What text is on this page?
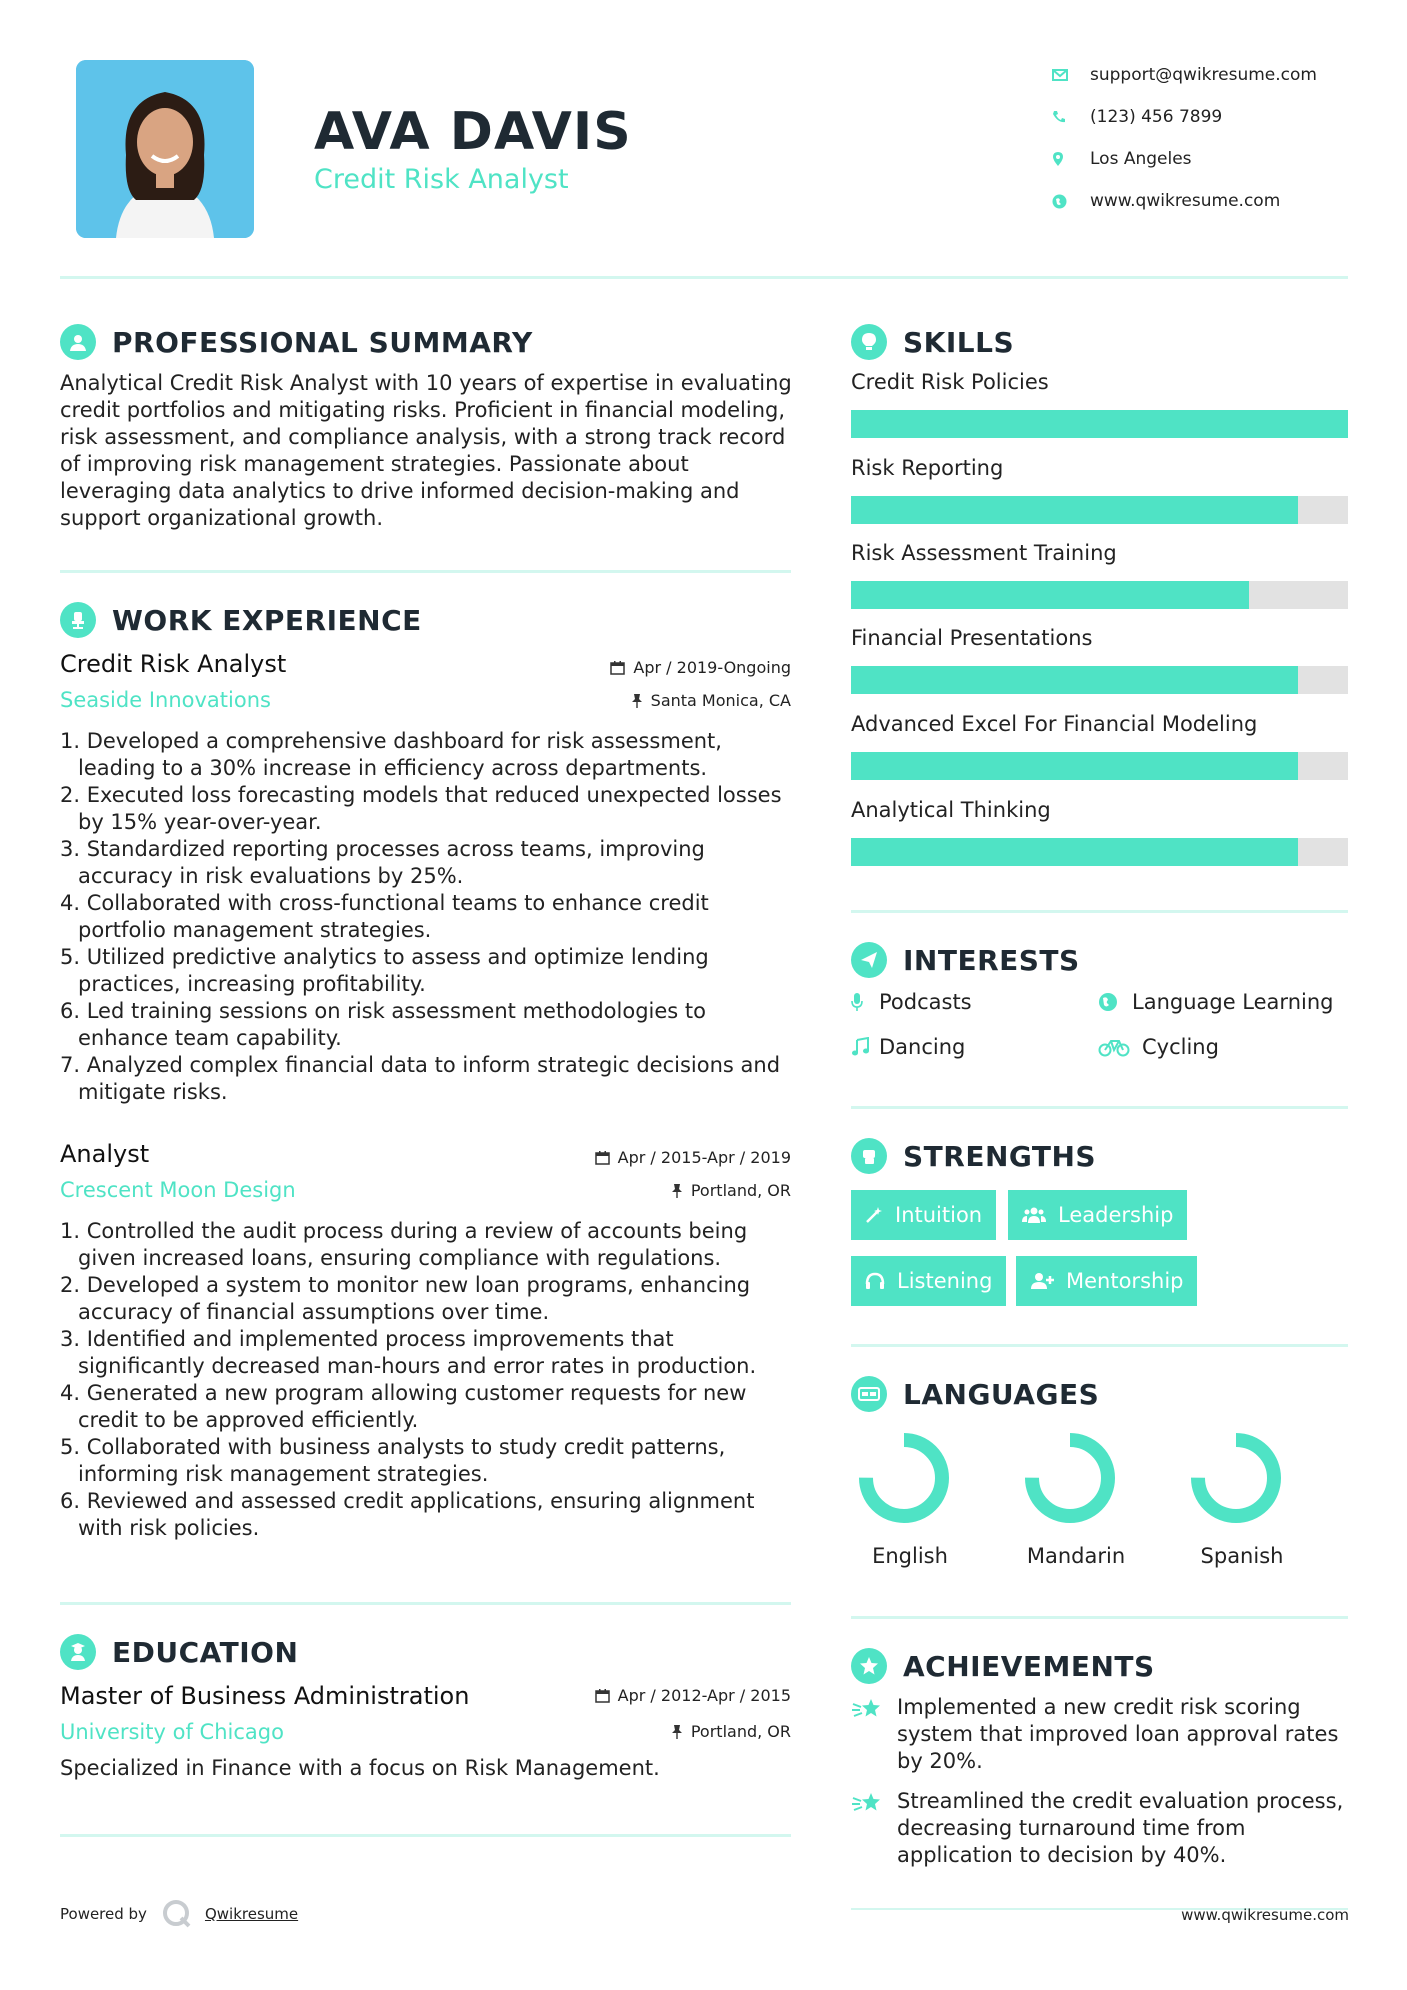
AVA DAVIS
Credit Risk Analyst
support@qwikresume.com
(123) 456 7899
Los Angeles
www.qwikresume.com
PROFESSIONAL SUMMARY
Analytical Credit Risk Analyst with 10 years of expertise in evaluating credit portfolios and mitigating risks. Proficient in financial modeling, risk assessment, and compliance analysis, with a strong track record of improving risk management strategies. Passionate about leveraging data analytics to drive informed decision-making and support organizational growth.
WORK EXPERIENCE
Credit Risk Analyst	Apr / 2019-Ongoing
Seaside Innovations	Santa Monica, CA
1. Developed a comprehensive dashboard for risk assessment, leading to a 30% increase in efficiency across departments.
2. Executed loss forecasting models that reduced unexpected losses by 15% year-over-year.
3. Standardized reporting processes across teams, improving accuracy in risk evaluations by 25%.
4. Collaborated with cross-functional teams to enhance credit portfolio management strategies.
5. Utilized predictive analytics to assess and optimize lending practices, increasing profitability.
6. Led training sessions on risk assessment methodologies to enhance team capability.
7. Analyzed complex financial data to inform strategic decisions and mitigate risks.
Analyst	Apr / 2015-Apr / 2019
Crescent Moon Design	Portland, OR
1. Controlled the audit process during a review of accounts being given increased loans, ensuring compliance with regulations.
2. Developed a system to monitor new loan programs, enhancing accuracy of financial assumptions over time.
3. Identified and implemented process improvements that significantly decreased man-hours and error rates in production.
4. Generated a new program allowing customer requests for new credit to be approved efficiently.
5. Collaborated with business analysts to study credit patterns, informing risk management strategies.
6. Reviewed and assessed credit applications, ensuring alignment with risk policies.
EDUCATION
Master of Business Administration	Apr / 2012-Apr / 2015
University of Chicago	Portland, OR
Specialized in Finance with a focus on Risk Management.
SKILLS
Credit Risk Policies
Risk Reporting
Risk Assessment Training
Financial Presentations
Advanced Excel For Financial Modeling
Analytical Thinking
INTERESTS
Podcasts	Language Learning
Dancing	Cycling
STRENGTHS
Intuition	Leadership
Listening	Mentorship
LANGUAGES
English	Mandarin	Spanish
ACHIEVEMENTS
Implemented a new credit risk scoring system that improved loan approval rates by 20%.
Streamlined the credit evaluation process, decreasing turnaround time from application to decision by 40%.
Powered by	Qwikresume	www.qwikresume.com
